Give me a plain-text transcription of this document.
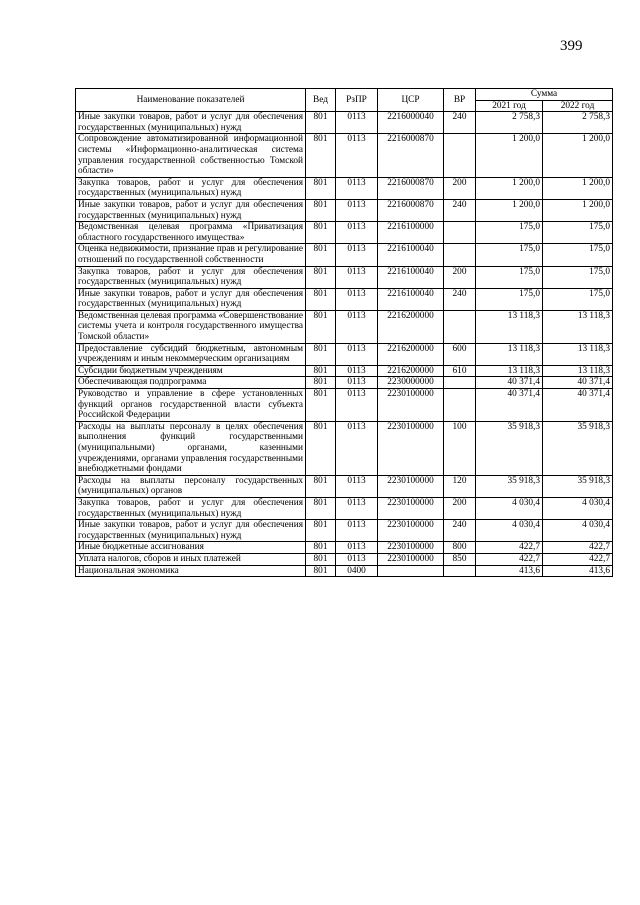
399
Наименование показателей	Вед	РзПР	ЦСР	ВР	Сумма	
					2021 год	2022 год
Иные закупки товаров, работ и услуг для обеспечения государственных (муниципальных) нужд	801	0113	2216000040	240	2 758,3	2 758,3
Сопровождение автоматизированной информационной системы «Информационно-аналитическая система управления государственной собственностью Томской области»	801	0113	2216000870		1 200,0	1 200,0
Закупка товаров, работ и услуг для обеспечения государственных (муниципальных) нужд	801	0113	2216000870	200	1 200,0	1 200,0
Иные закупки товаров, работ и услуг для обеспечения государственных (муниципальных) нужд	801	0113	2216000870	240	1 200,0	1 200,0
Ведомственная целевая программа «Приватизация областного государственного имущества»	801	0113	2216100000		175,0	175,0
Оценка недвижимости, признание прав и регулирование отношений по государственной собственности	801	0113	2216100040		175,0	175,0
Закупка товаров, работ и услуг для обеспечения государственных (муниципальных) нужд	801	0113	2216100040	200	175,0	175,0
Иные закупки товаров, работ и услуг для обеспечения государственных (муниципальных) нужд	801	0113	2216100040	240	175,0	175,0
Ведомственная целевая программа «Совершенствование системы учета и контроля государственного имущества Томской области»	801	0113	2216200000		13 118,3	13 118,3
Предоставление субсидий бюджетным, автономным учреждениям и иным некоммерческим организациям	801	0113	2216200000	600	13 118,3	13 118,3
Субсидии бюджетным учреждениям	801	0113	2216200000	610	13 118,3	13 118,3
Обеспечивающая подпрограмма	801	0113	2230000000		40 371,4	40 371,4
Руководство и управление в сфере установленных функций органов государственной власти субъекта Российской Федерации	801	0113	2230100000		40 371,4	40 371,4
Расходы на выплаты персоналу в целях обеспечения выполнения функций государственными (муниципальными) органами, казенными учреждениями, органами управления государственными внебюджетными фондами	801	0113	2230100000	100	35 918,3	35 918,3
Расходы на выплаты персоналу государственных (муниципальных) органов	801	0113	2230100000	120	35 918,3	35 918,3
Закупка товаров, работ и услуг для обеспечения государственных (муниципальных) нужд	801	0113	2230100000	200	4 030,4	4 030,4
Иные закупки товаров, работ и услуг для обеспечения государственных (муниципальных) нужд	801	0113	2230100000	240	4 030,4	4 030,4
Иные бюджетные ассигнования	801	0113	2230100000	800	422,7	422,7
Уплата налогов, сборов и иных платежей	801	0113	2230100000	850	422,7	422,7
Национальная экономика	801	0400			413,6	413,6
